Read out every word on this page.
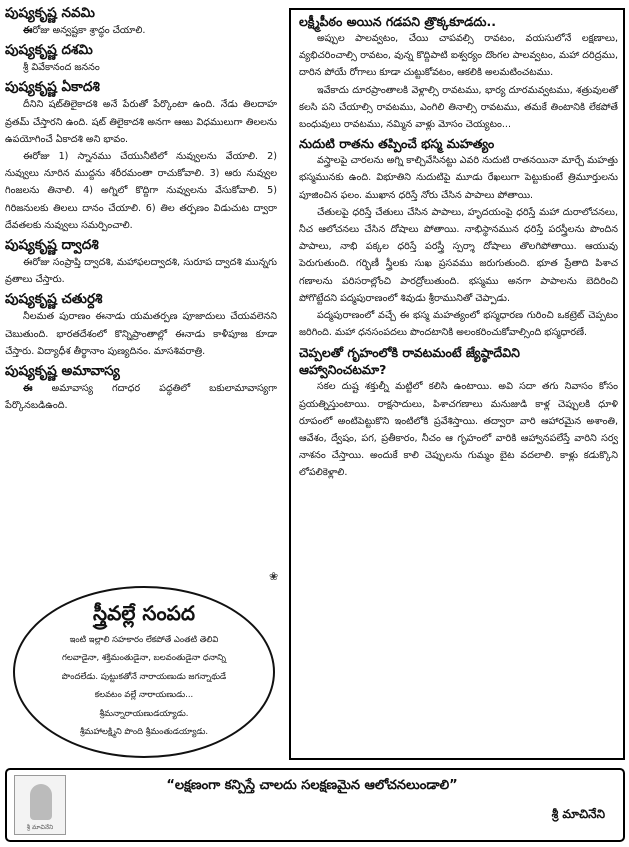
పుష్యకృష్ణ నవమి
ఈరోజు అన్వష్టకా శ్రాద్ధం చేయాలి.
పుష్యకృష్ణ దశమి
శ్రీ వివేకానంద జననం
పుష్యకృష్ణ ఏకాదశి
దీనిని షట్‌తిలైకాదశి అనే పేరుతో పేర్కొంటా ఉంది. నేడు తిలదాహ వ్రతమ్ చేస్తారని ఉంది. షట్ తిలైకాదశి అనగా ఆఱు విధములుగా తిలలను ఉపయోగించే ఏకాదశి అని భావం.
ఈరోజు 1) స్నానము చేయునీటిలో నువ్వులను వేయాలి. 2) నువ్వులు నూరిన ముద్దను శరీరమంతా రాచుకోవాలి. 3) ఆరు నువ్వుల గింజలను తినాలి. 4) అగ్నిలో కొద్దిగా నువ్వులను వేసుకోవాలి. 5) గిరిజనులకు తిలలు దానం చేయాలి. 6) తిల తర్పణం విడుచుట ద్వారా దేవతలకు నువ్వులు సమర్పించాలి.
పుష్యకృష్ణ ద్వాదశి
ఈరోజు సంప్రాప్తి ద్వాదశి, మహాఫలద్వాదశి, సురూప ద్వాదశి మున్నగు వ్రతాలు చేస్తారు.
పుష్యకృష్ణ చతుర్దశి
నీలమత పురాణం ఈనాడు యమతర్పణ పూజాదులు చేయవలెనని చెబుతుంది. భారతదేశంలో కొన్నిప్రాంతాల్లో ఈనాడు కాళీపూజ కూడా చేస్తారు. విద్యాధీశ తీర్థానాం పుణ్యదినం. మాసశివరాత్రి.
పుష్యకృష్ణ అమావాస్య
ఈ అమావాస్య గదాధర పద్ధతిలో బకులామావాస్యగా పేర్కొనబడిఉంది.
❀
స్త్రీవల్లే సంపద
ఇంటి ఇల్లాలి సహకారం లేకపోతే ఎంతటి తెలివి
గలవాడైనా, శక్తిమంతుడైనా, బలవంతుడైనా ధనాన్ని
పొందలేడు. పుట్టుకతోనే నారాయణుడు జగన్నాథుడే
కలవటం వల్లే నారాయణుడు...
శ్రీమన్నారాయణుడయ్యాడు.
శ్రీమహాలక్ష్మిని పొంది శ్రీమంతుడయ్యాడు.
లక్ష్మీపీఠం అయిన గడపని త్రొక్కకూడదు..
అప్పుల పాలవ్వటం, చేయి చాపవల్సి రావటం, వయసులోనే లక్షణాలు, వ్యభిచరించాల్సి రావటం, వున్న కొద్దిపాటి ఐశ్వర్యం దొంగల పాలవ్వటం, మహా దరిద్రము, దారిన పోయే రోగాలు కూడా చుట్టుకోవటం, ఆకలికి అలమటించటము.
ఇవేకాదు దూరప్రాంతాలకి వెళ్లాల్సి రావటము, భార్య దూరమవ్వటము, శత్రువులతో కలసి పని చేయాల్సి రావటము, ఎంగిలి తినాల్సి రావటము, తమకే తింటానికి లేకపోతే బంధువులు రావటము, నమ్మిన వాళ్లు మోసం చెయ్యటం...
నుదుటి రాతను తప్పించే భస్మ మహత్యం
వస్త్రాలపై చారలను అగ్ని కాల్చివేసినట్టు ఎవరి నుదుటి రాతనయినా మార్చే మహత్తు భస్మమునకు ఉంది. విభూతిని నుదుటిపై మూడు రేఖలుగా పెట్టుకుంటే త్రిమూర్తులను పూజించిన ఫలం. ముఖాన ధరిస్తే నోరు చేసిన పాపాలు పోతాయి.
చేతులపై ధరిస్తే చేతులు చేసిన పాపాలు, హృదయంపై ధరిస్తే మహా దురాలోచనలు, నీచ ఆలోచనలు చేసిన దోషాలు పోతాయి. నాభిస్థానమున ధరిస్తే పరస్త్రీలను పొందిన పాపాలు, నాభి పక్కల ధరిస్తే పరస్త్రీ స్పర్శా దోషాలు తొలగిపోతాయి. ఆయువు పెరుగుతుంది. గర్భిణీ స్త్రీలకు సుఖ ప్రసవము జరుగుతుంది. భూత ప్రేతాది పిశాచ గణాలను పరిసరాల్లోంచి పారద్రోలుతుంది. భస్మము అనగా పాపాలను బెదిరించి పోగొట్టేదని పద్మపురాణంలో శివుడు శ్రీరామునితో చెప్పాడు.
పద్మపురాణంలో వచ్చే ఈ భస్మ మహత్యంలో భస్మధారణ గురించి ఒకట్రెట్ చెప్పటం జరిగింది. మహా ధనసంపదలు పొందటానికి అలంకరించుకోవాల్సింది భస్మధారణే.
చెప్పలతో గృహంలోకి రావటమంటే జ్యేష్ఠాదేవిని
ఆహ్వానించటమా?
సకల దుష్ట శక్తుల్నీ మట్టిలో కలిసి ఉంటాయి. అవి సదా తగు నివాసం కోసం ప్రయత్నిస్తుంటాయి. రాక్షసాదులు, పిశాచగణాలు మనుజుడి కాళ్ల చెప్పులకి ధూళి రూపంలో అంటిపెట్టుకొని ఇంటిలోకి ప్రవేశిస్తాయి. తద్వారా వారి ఆహారమైన అశాంతి, ఆవేశం, ద్వేషం, పగ, ప్రతీకారం, నీచం ఆ గృహంలో వారికి ఆహ్వానపలేస్తే వారిని సర్వ నాశనం చేస్తాయి. అందుకే కాలి చెప్పులను గుమ్మం బైట వదలాలి. కాళ్లు కడుక్కొని లోపలికెళ్లాలి.
శ్రీ మాచినేని
“లక్షణంగా కన్పిస్తే చాలదు సలక్షణమైన ఆలోచనలుండాలి”
శ్రీ మాచినేని
